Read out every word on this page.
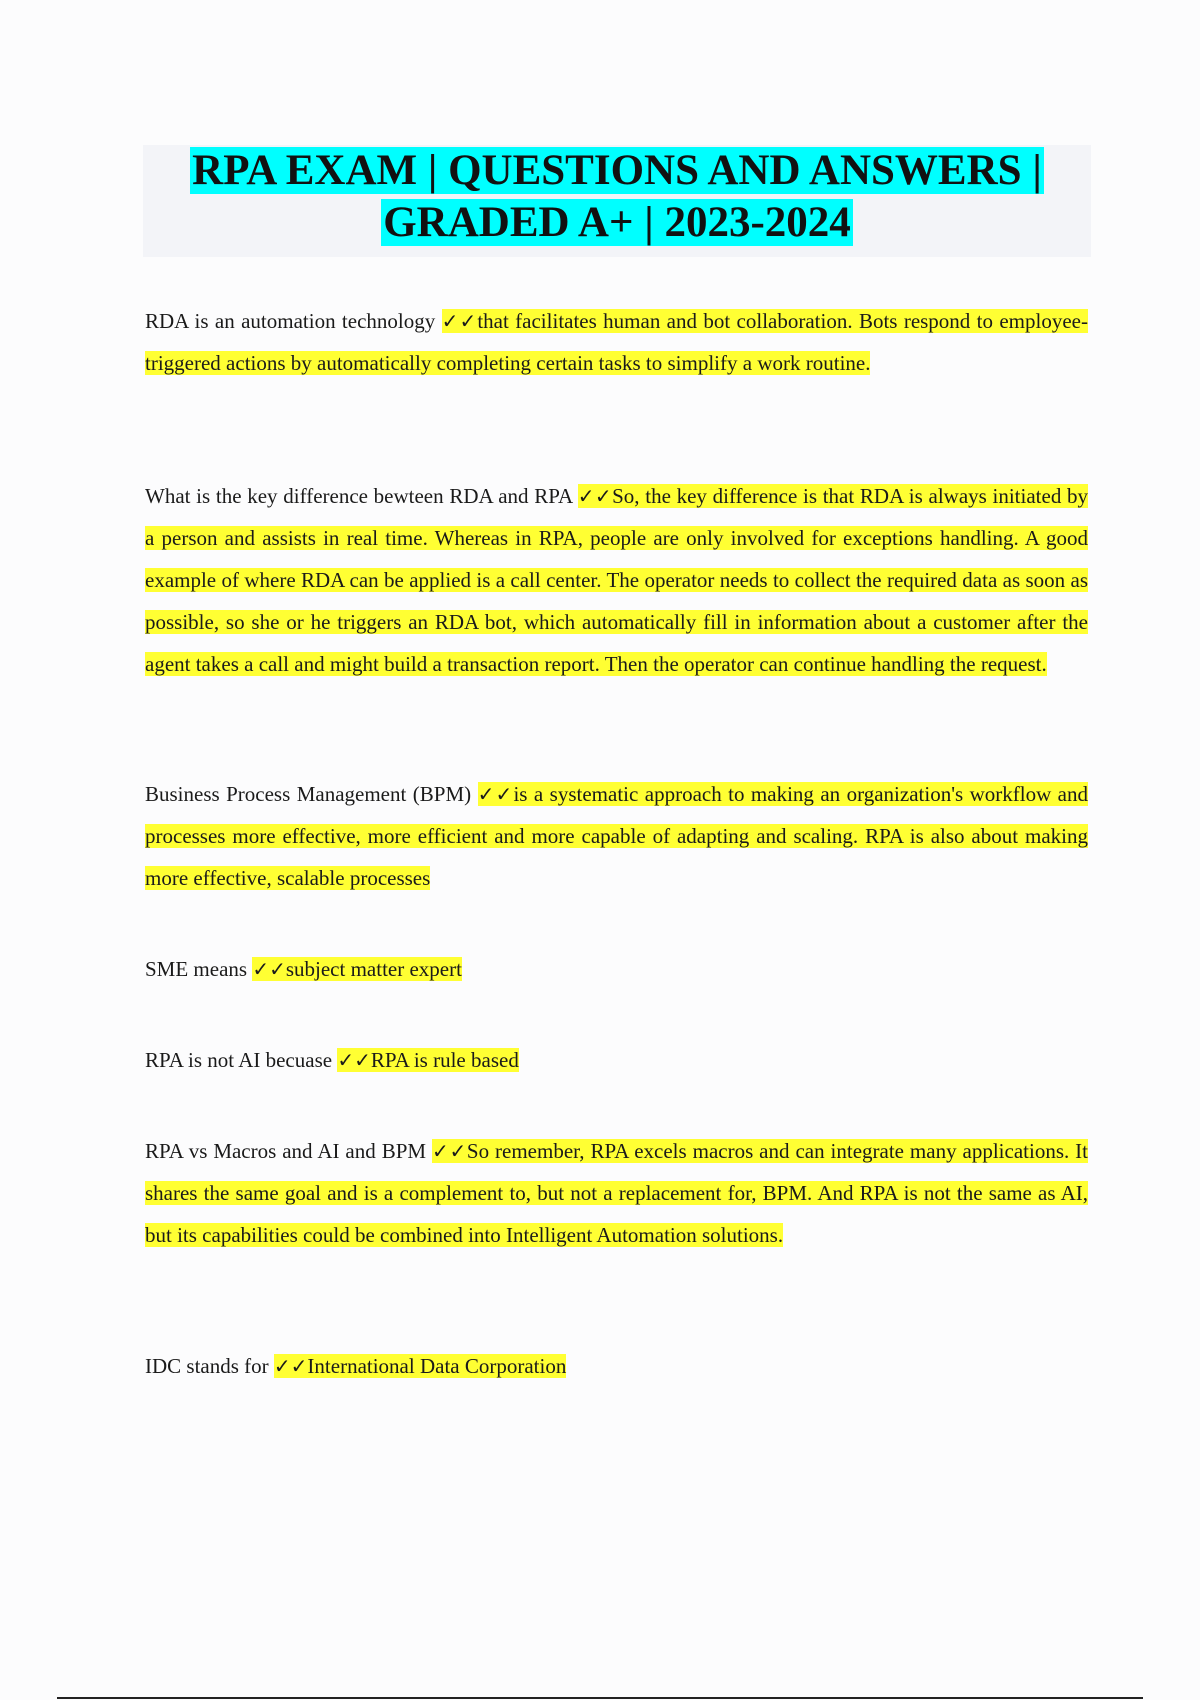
RPA EXAM | QUESTIONS AND ANSWERS |
GRADED A+ | 2023-2024

RDA is an automation technology ✓✓that facilitates human and bot collaboration. Bots respond to employee-triggered actions by automatically completing certain tasks to simplify a work routine.

What is the key difference bewteen RDA and RPA ✓✓So, the key difference is that RDA is always initiated by a person and assists in real time. Whereas in RPA, people are only involved for exceptions handling. A good example of where RDA can be applied is a call center. The operator needs to collect the required data as soon as possible, so she or he triggers an RDA bot, which automatically fill in information about a customer after the agent takes a call and might build a transaction report. Then the operator can continue handling the request.

Business Process Management (BPM) ✓✓is a systematic approach to making an organization's workflow and processes more effective, more efficient and more capable of adapting and scaling. RPA is also about making more effective, scalable processes

SME means ✓✓subject matter expert

RPA is not AI becuase ✓✓RPA is rule based

RPA vs Macros and AI and BPM ✓✓So remember, RPA excels macros and can integrate many applications. It shares the same goal and is a complement to, but not a replacement for, BPM. And RPA is not the same as AI, but its capabilities could be combined into Intelligent Automation solutions.

IDC stands for ✓✓International Data Corporation
